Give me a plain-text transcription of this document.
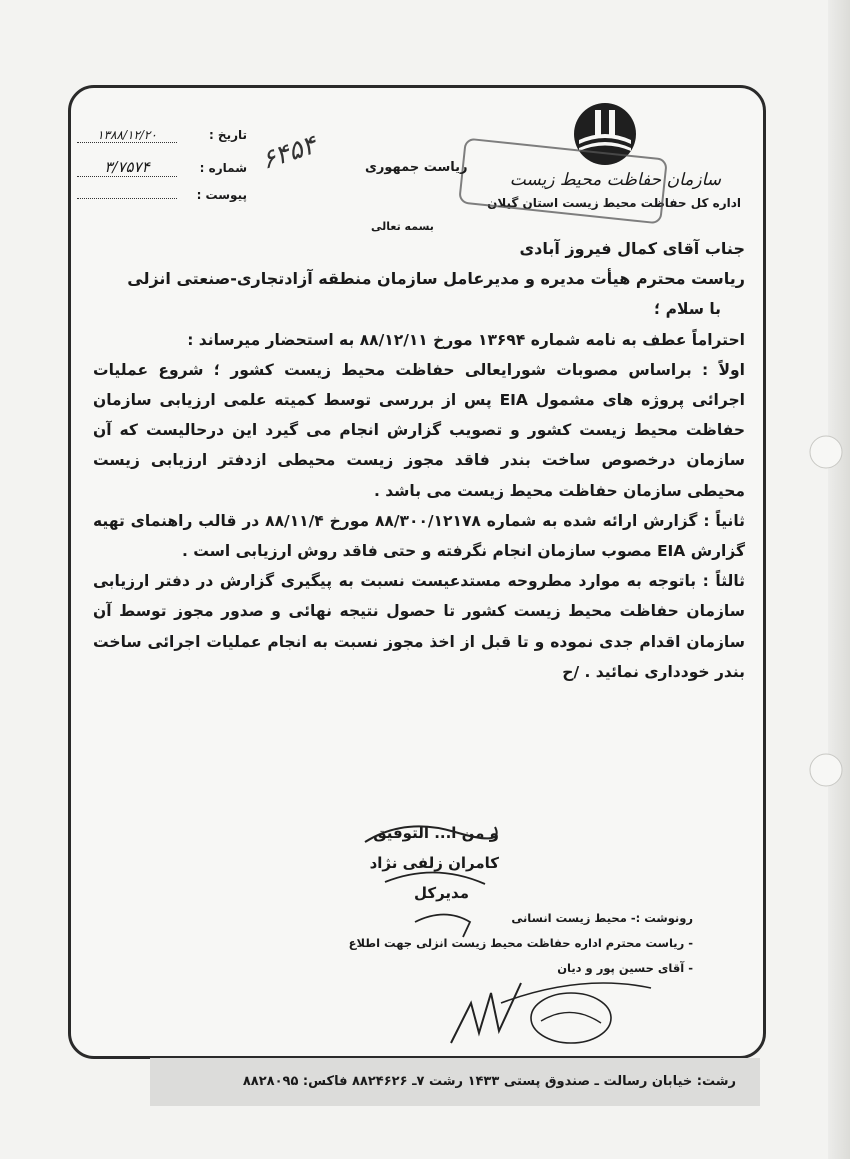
سازمان حفاظت محیط زیست
اداره کل حفاظت محیط زیست استان گیلان
ریاست جمهوری
۶۴۵۴
تاریخ :
۱۳۸۸/۱۲/۲۰
شماره :
۳/۷۵۷۴
پیوست :
بسمه تعالی

جناب آقای کمال فیروز آبادی

ریاست محترم هیأت مدیره و مدیرعامل سازمان منطقه آزادتجاری-صنعتی انزلی

با سلام ؛

احتراماً عطف به نامه شماره ۱۳۶۹۴ مورخ ۸۸/۱۲/۱۱ به استحضار میرساند :

اولاً : براساس مصوبات شورایعالی حفاظت محیط زیست کشور ؛ شروع عملیات اجرائی پروژه های مشمول EIA پس از بررسی توسط کمیته علمی ارزیابی سازمان حفاظت محیط زیست کشور و تصویب گزارش انجام می گیرد این درحالیست که آن سازمان درخصوص ساخت بندر فاقد مجوز زیست محیطی ازدفتر ارزیابی زیست محیطی سازمان حفاظت محیط زیست می باشد .

ثانیاً : گزارش ارائه شده به شماره ۸۸/۳۰۰/۱۲۱۷۸ مورخ ۸۸/۱۱/۴ در قالب راهنمای تهیه گزارش EIA مصوب سازمان انجام نگرفته و حتی فاقد روش ارزیابی است .

ثالثاً : باتوجه به موارد مطروحه مستدعیست نسبت به پیگیری گزارش در دفتر ارزیابی سازمان حفاظت محیط زیست کشور تا حصول نتیجه نهائی و صدور مجوز توسط آن سازمان اقدام جدی نموده و تا قبل از اخذ مجوز نسبت به انجام عملیات اجرائی ساخت بندر خودداری نمائید . /ح

و من ا... التوفیق
کامران زلفی نژاد
مدیرکل
رونوشت :- محیط زیست انسانی
- ریاست محترم اداره حفاظت محیط زیست انزلی جهت اطلاع
- آقای حسین پور و دیان
رشت: خیابان رسالت ـ صندوق پستی ۱۴۳۳ رشت ۷ـ ۸۸۲۴۶۲۶ فاکس: ۸۸۲۸۰۹۵
